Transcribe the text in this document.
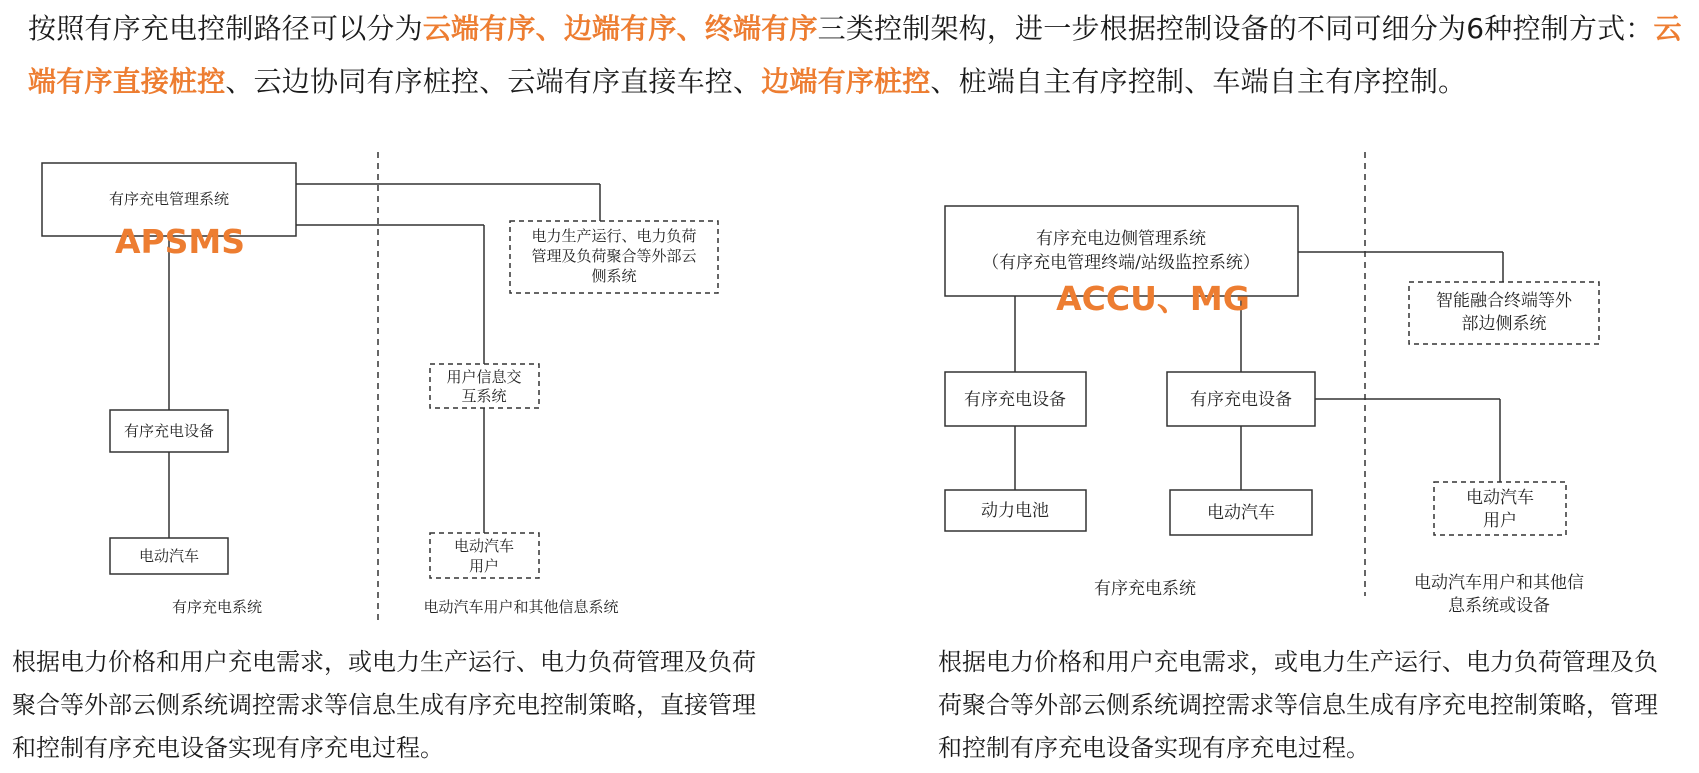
按照有序充电控制路径可以分为云端有序、边端有序、终端有序三类控制架构，进一步根据控制设备的不同可细分为6种控制方式：云端有序直接桩控、云边协同有序桩控、云端有序直接车控、边端有序桩控、桩端自主有序控制、车端自主有序控制。
有序充电管理系统
电力生产运行、电力负荷
管理及负荷聚合等外部云
侧系统
用户信息交
互系统
有序充电设备
电动汽车
电动汽车
用户
APSMS
有序充电系统	电动汽车用户和其他信息系统
有序充电边侧管理系统
（有序充电管理终端/站级监控系统）
智能融合终端等外
部边侧系统
有序充电设备	有序充电设备
动力电池	电动汽车
电动汽车
用户
ACCU、MG
有序充电系统	电动汽车用户和其他信
息系统或设备
根据电力价格和用户充电需求，或电力生产运行、电力负荷管理及负荷聚合等外部云侧系统调控需求等信息生成有序充电控制策略，直接管理和控制有序充电设备实现有序充电过程。
根据电力价格和用户充电需求，或电力生产运行、电力负荷管理及负荷聚合等外部云侧系统调控需求等信息生成有序充电控制策略，管理和控制有序充电设备实现有序充电过程。
